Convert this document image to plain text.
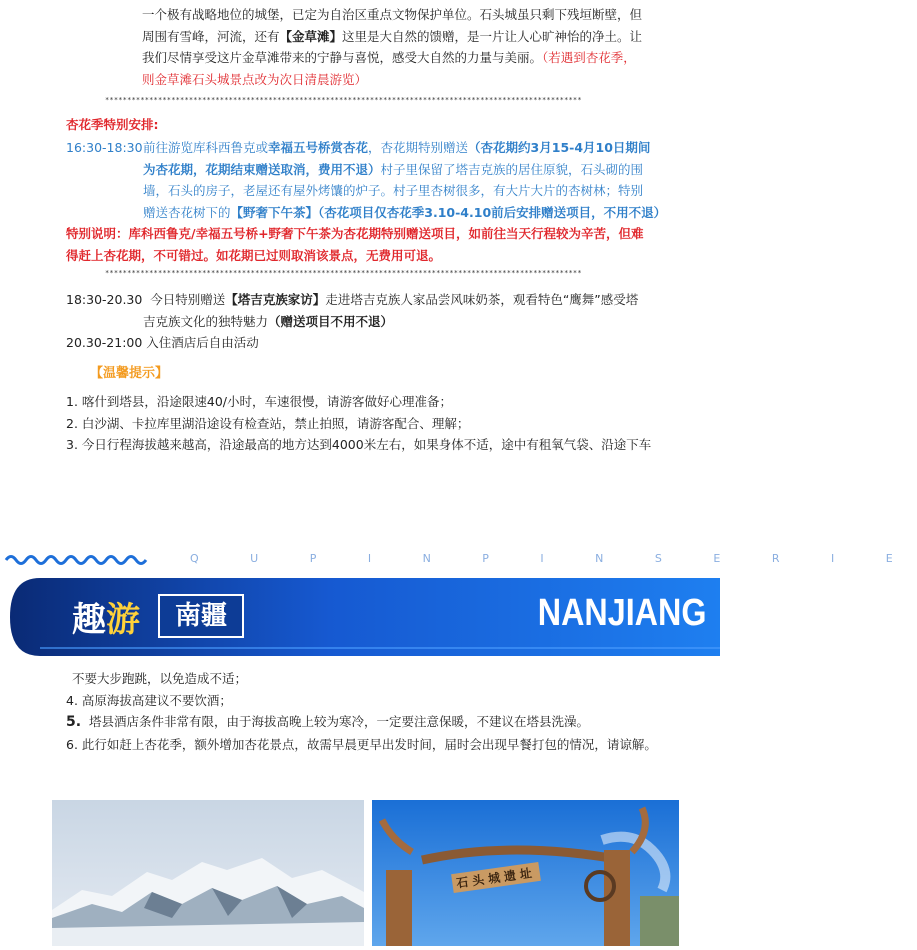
一个极有战略地位的城堡，已定为自治区重点文物保护单位。石头城虽只剩下残垣断壁，但
周围有雪峰，河流，还有【金草滩】这里是大自然的馈赠，是一片让人心旷神怡的净土。让
我们尽情享受这片金草滩带来的宁静与喜悦，感受大自然的力量与美丽。（若遇到杏花季，
则金草滩石头城景点改为次日清晨游览）
************************************************************************************************************
杏花季特别安排:
16:30-18:30 前往游览库科西鲁克或幸福五号桥赏杏花，杏花期特别赠送（杏花期约3月15-4月10日期间
为杏花期，花期结束赠送取消，费用不退）村子里保留了塔吉克族的居住原貌，石头砌的围
墙，石头的房子，老屋还有屋外烤馕的炉子。村子里杏树很多，有大片大片的杏树林；特别
赠送杏花树下的【野奢下午茶】（杏花项目仅杏花季3.10-4.10前后安排赠送项目，不用不退）
特别说明：库科西鲁克/幸福五号桥+野奢下午茶为杏花期特别赠送项目，如前往当天行程较为辛苦，但难
得赶上杏花期，不可错过。如花期已过则取消该景点，无费用可退。
************************************************************************************************************
18:30-20.30 今日特别赠送【塔吉克族家访】走进塔吉克族人家品尝风味奶茶，观看特色“鹰舞”感受塔
吉克族文化的独特魅力（赠送项目不用不退）
20.30-21:00 入住酒店后自由活动
【温馨提示】
1. 喀什到塔县，沿途限速40/小时，车速很慢，请游客做好心理准备；
2. 白沙湖、卡拉库里湖沿途设有检查站，禁止拍照，请游客配合、理解；
3. 今日行程海拔越来越高，沿途最高的地方达到4000米左右，如果身体不适，途中有租氧气袋、沿途下车
Q U P I N P I N S E R I E
趣游	南疆	NANJIANG
不要大步跑跳，以免造成不适；
4. 高原海拔高建议不要饮酒；
5. 塔县酒店条件非常有限，由于海拔高晚上较为寒冷，一定要注意保暖，不建议在塔县洗澡。
6. 此行如赶上杏花季，额外增加杏花景点，故需早晨更早出发时间，届时会出现早餐打包的情况，请谅解。
石头城遗址
